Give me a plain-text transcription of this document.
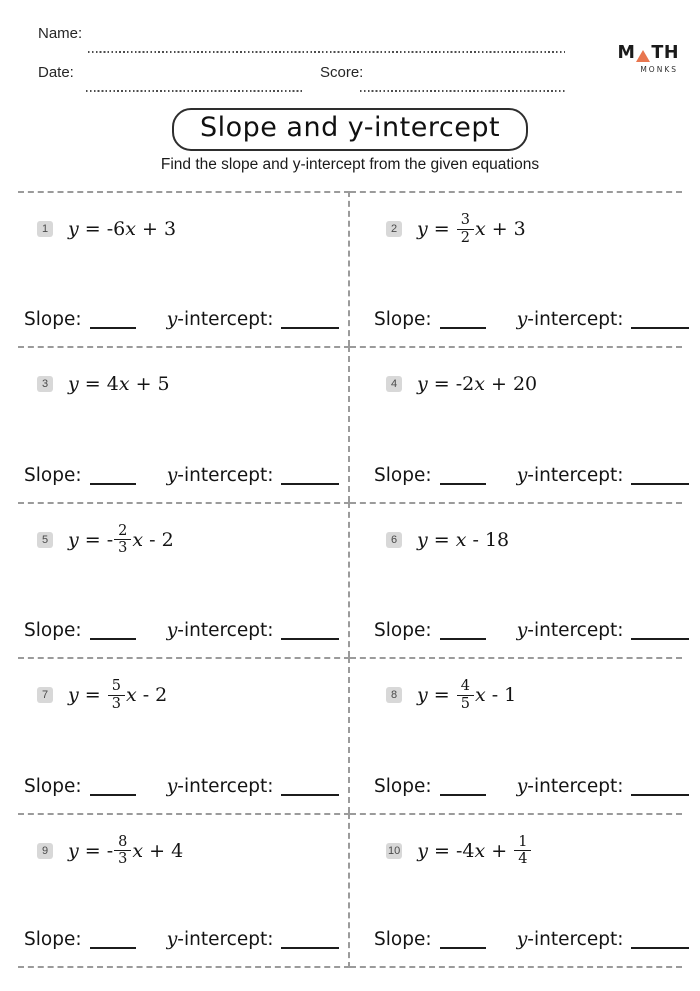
Name:
Date:	Score:
M TH
MONKS
Slope and y-intercept
Find the slope and y-intercept from the given equations
1 y = -6 x + 3
Slope:	y -intercept:
2 $y = \frac{3}{2}$ x + 3
Slope:	y -intercept:
3 y = 4 x + 5
Slope:	y -intercept:
4 y = -2 x + 20
Slope:	y -intercept:
5 y = - $\frac{2}{3}$ x - 2
Slope:	y -intercept:
6 y = x - 18
Slope:	y -intercept:
7 $y = \frac{5}{3}$ x - 2
Slope:	y -intercept:
8 $y = \frac{4}{5}$ x - 1
Slope:	y -intercept:
9 y = - $\frac{8}{3}$ x + 4
Slope:	y -intercept:
10 y = -4 $x + \frac{1}{4}$
Slope:	y -intercept:
